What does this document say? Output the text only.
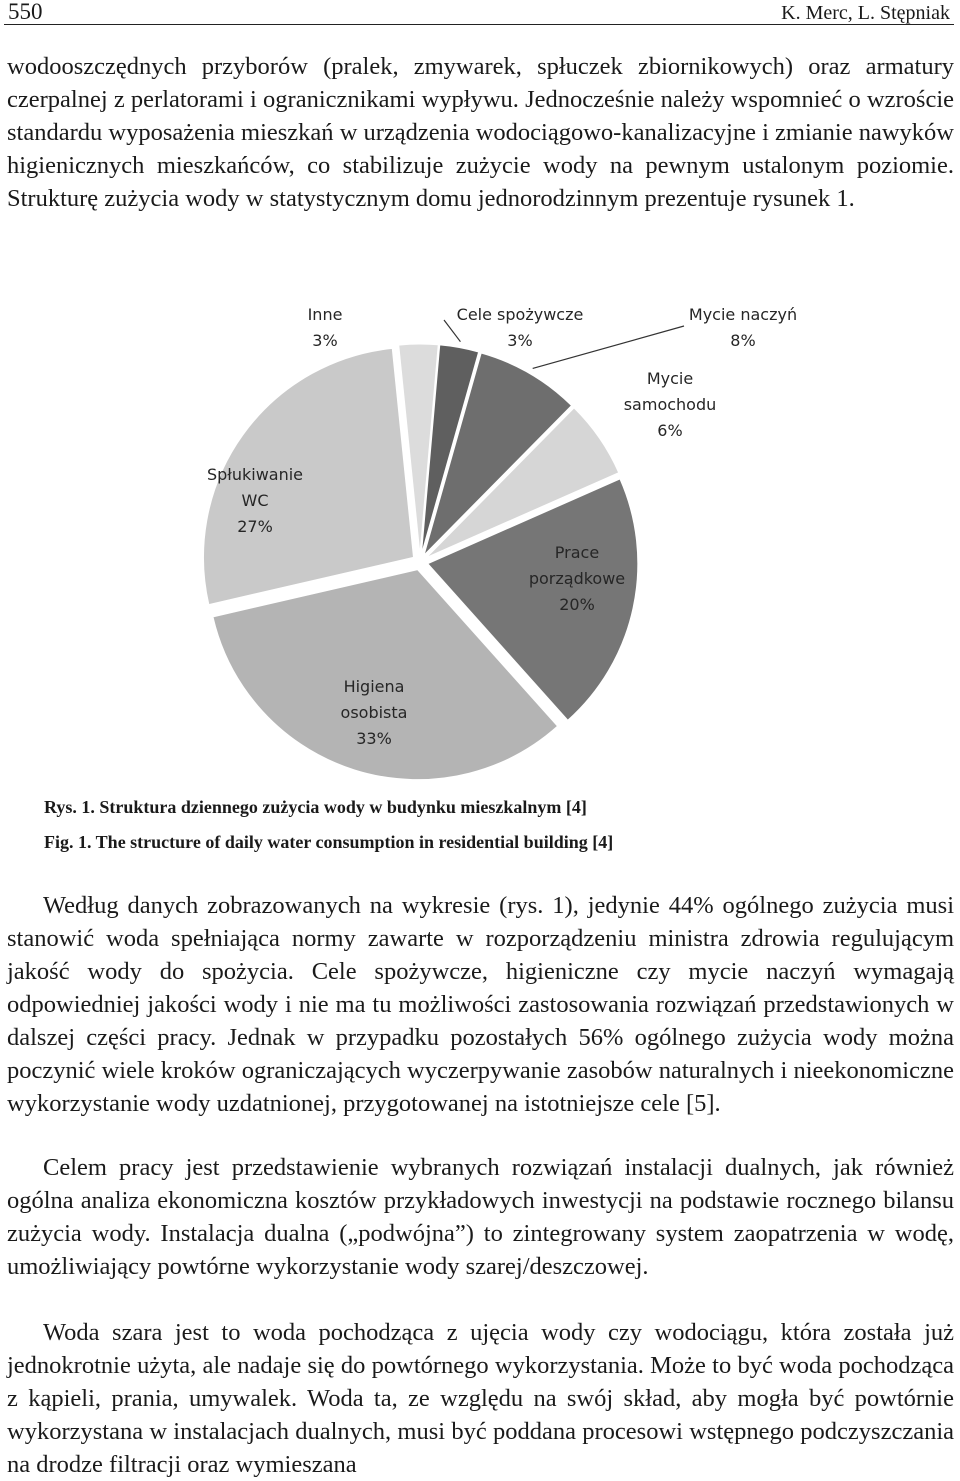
550	K. Merc, L. Stępniak

wodooszczędnych przyborów (pralek, zmywarek, spłuczek zbiornikowych) oraz armatury czerpalnej z perlatorami i ogranicznikami wypływu. Jednocześnie należy wspomnieć o wzroście standardu wyposażenia mieszkań w urządzenia wodociągowo-kanalizacyjne i zmianie nawyków higienicznych mieszkańców, co stabilizuje zużycie wody na pewnym ustalonym poziomie. Strukturę zużycia wody w statystycznym domu jednorodzinnym prezentuje rysunek 1.

Cele spożywcze 3%
Mycie naczyń 8%
Mycie samochodu 6%
Prace porządkowe 20%
Higiena osobista 33%
Spłukiwanie WC 27%
Inne 3%
Rys. 1. Struktura dziennego zużycia wody w budynku mieszkalnym [4]
Fig. 1. The structure of daily water consumption in residential building [4]

Według danych zobrazowanych na wykresie (rys. 1), jedynie 44% ogólnego zużycia musi stanowić woda spełniająca normy zawarte w rozporządzeniu ministra zdrowia regulującym jakość wody do spożycia. Cele spożywcze, higieniczne czy mycie naczyń wymagają odpowiedniej jakości wody i nie ma tu możliwości zastosowania rozwiązań przedstawionych w dalszej części pracy. Jednak w przypadku pozostałych 56% ogólnego zużycia wody można poczynić wiele kroków ograniczających wyczerpywanie zasobów naturalnych i nieekonomiczne wykorzystanie wody uzdatnionej, przygotowanej na istotniejsze cele [5].

Celem pracy jest przedstawienie wybranych rozwiązań instalacji dualnych, jak również ogólna analiza ekonomiczna kosztów przykładowych inwestycji na podstawie rocznego bilansu zużycia wody. Instalacja dualna („podwójna”) to zintegrowany system zaopatrzenia w wodę, umożliwiający powtórne wykorzystanie wody szarej/deszczowej.

Woda szara jest to woda pochodząca z ujęcia wody czy wodociągu, która została już jednokrotnie użyta, ale nadaje się do powtórnego wykorzystania. Może to być woda pochodząca z kąpieli, prania, umywalek. Woda ta, ze względu na swój skład, aby mogła być powtórnie wykorzystana w instalacjach dualnych, musi być poddana procesowi wstępnego podczyszczania na drodze filtracji oraz wymieszana
